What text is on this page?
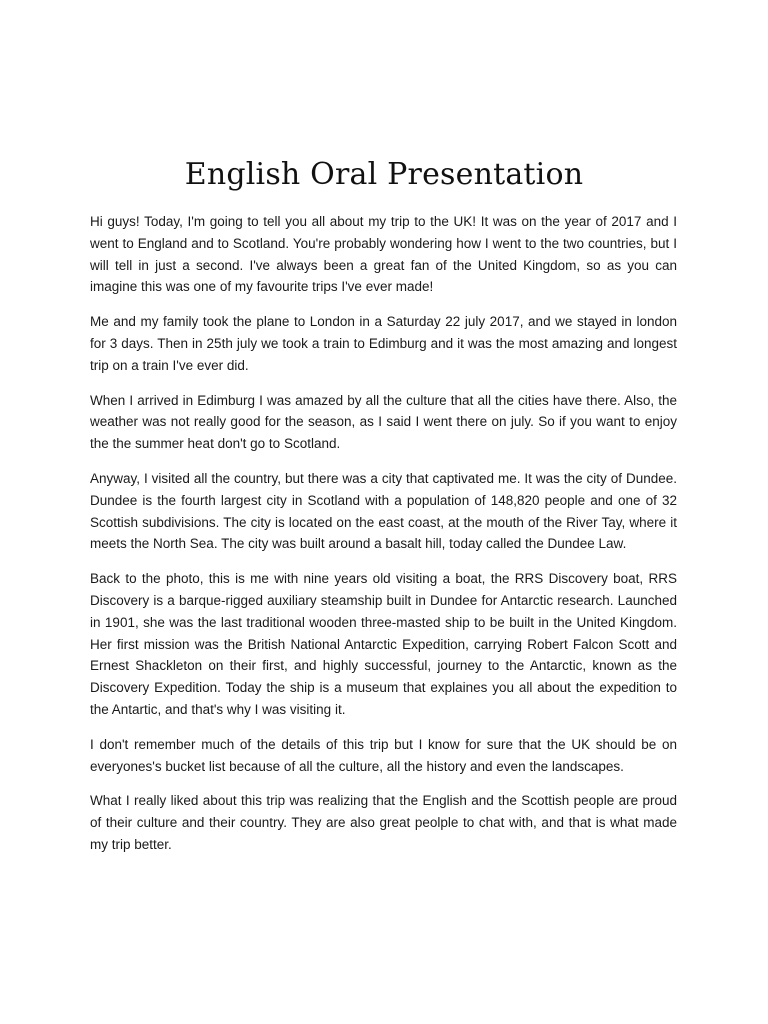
English Oral Presentation

Hi guys! Today, I'm going to tell you all about my trip to the UK! It was on the year of 2017 and I went to England and to Scotland. You're probably wondering how I went to the two countries, but I will tell in just a second. I've always been a great fan of the United Kingdom, so as you can imagine this was one of my favourite trips I've ever made!

Me and my family took the plane to London in a Saturday 22 july 2017, and we stayed in london for 3 days. Then in 25th july we took a train to Edimburg and it was the most amazing and longest trip on a train I've ever did.

When I arrived in Edimburg I was amazed by all the culture that all the cities have there. Also, the weather was not really good for the season, as I said I went there on july. So if you want to enjoy the the summer heat don't go to Scotland.

Anyway, I visited all the country, but there was a city that captivated me. It was the city of Dundee. Dundee is the fourth largest city in Scotland with a population of 148,820 people and one of 32 Scottish subdivisions. The city is located on the east coast, at the mouth of the River Tay, where it meets the North Sea. The city was built around a basalt hill, today called the Dundee Law.

Back to the photo, this is me with nine years old visiting a boat, the RRS Discovery boat, RRS Discovery is a barque-rigged auxiliary steamship built in Dundee for Antarctic research. Launched in 1901, she was the last traditional wooden three-masted ship to be built in the United Kingdom. Her first mission was the British National Antarctic Expedition, carrying Robert Falcon Scott and Ernest Shackleton on their first, and highly successful, journey to the Antarctic, known as the Discovery Expedition. Today the ship is a museum that explaines you all about the expedition to the Antartic, and that's why I was visiting it.

I don't remember much of the details of this trip but I know for sure that the UK should be on everyones's bucket list because of all the culture, all the history and even the landscapes.

What I really liked about this trip was realizing that the English and the Scottish people are proud of their culture and their country. They are also great peolple to chat with, and that is what made my trip better.
